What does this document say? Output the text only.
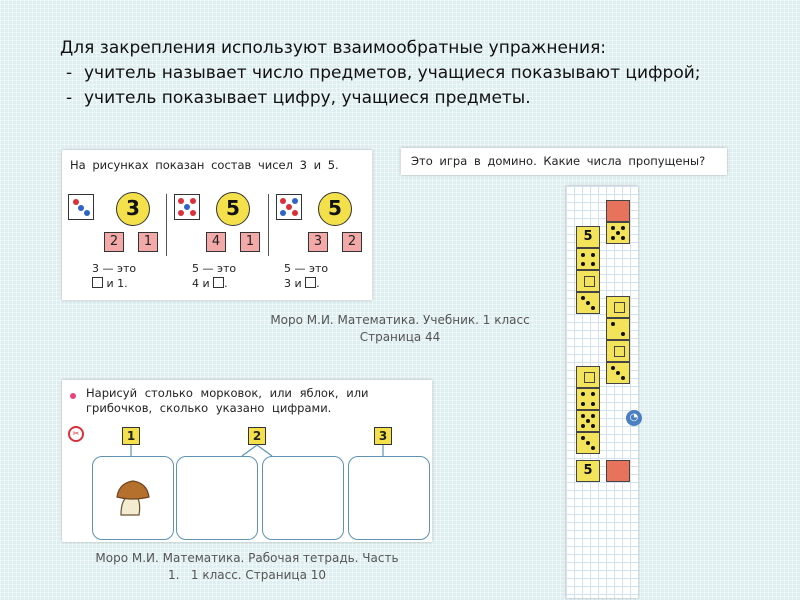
Для закрепления используют взаимообратные упражнения:
- учитель называет число предметов, учащиеся показывают цифрой;
- учитель показывает цифру, учащиеся предметы.
На рисунках показан состав чисел 3 и 5.
3
2	1
3 — это
и 1.
5
4	1
5 — это
4 и .
5
3	2
5 — это
3 и .
Моро М.И. Математика. Учебник. 1 класс
Страница 44
Это игра в домино. Какие числа пропущены?
5
5
◔
✂
Нарисуй столько морковок, или яблок, или грибочков, сколько указано цифрами.
1	2	3
Моро М.И. Математика. Рабочая тетрадь. Часть
1. 1 класс. Страница 10
